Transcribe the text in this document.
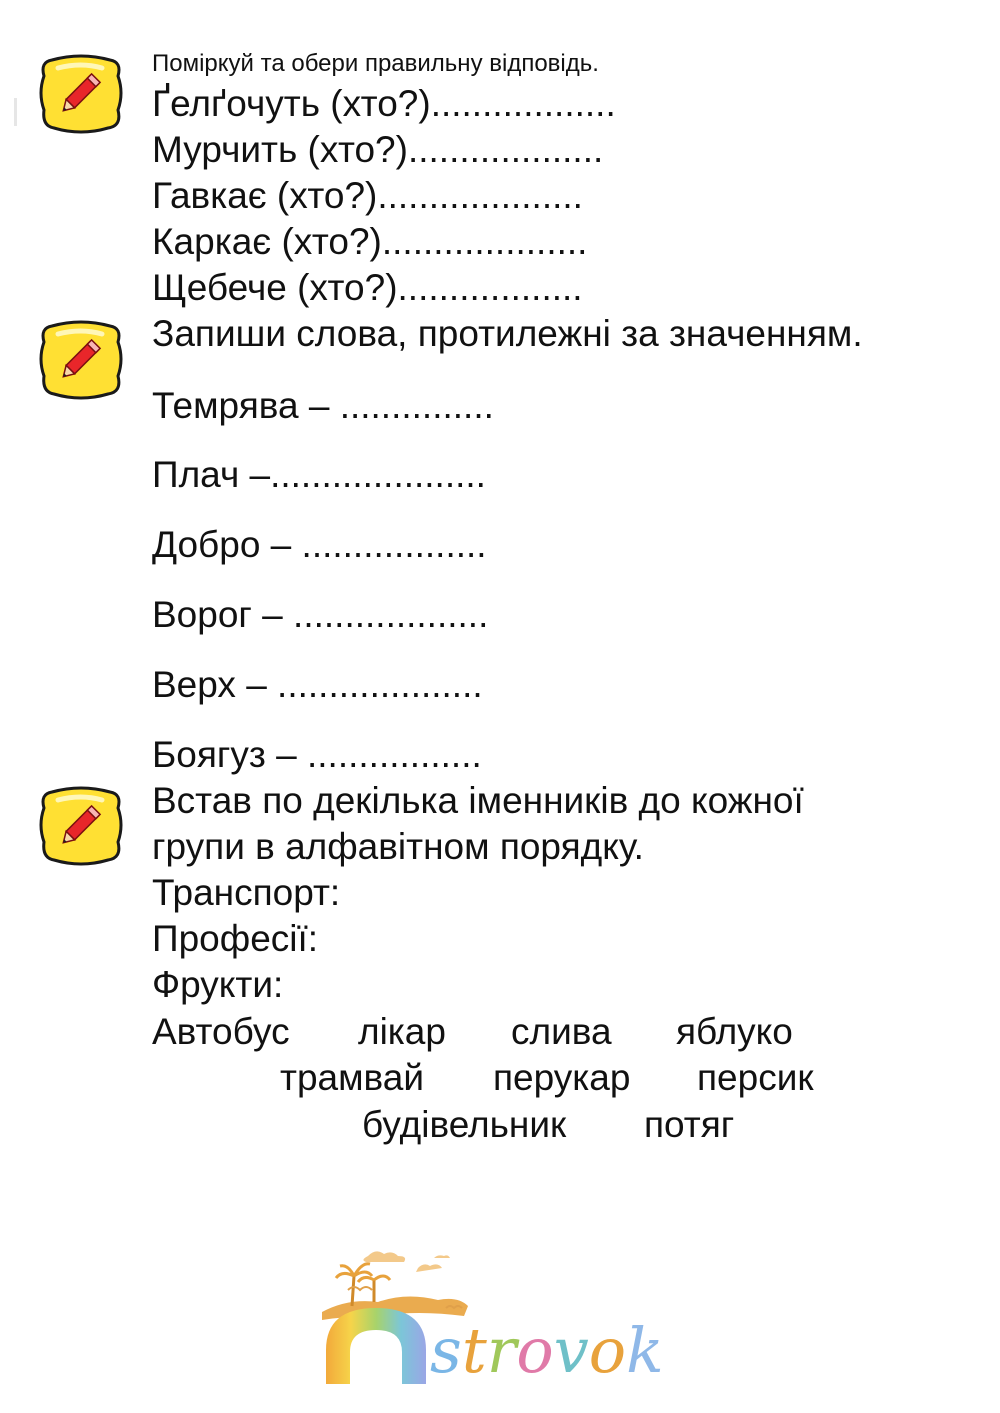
Поміркуй та обери правильну відповідь.
Ґелґочуть (хто?)..................
Мурчить (хто?)...................
Гавкає (хто?)....................
Каркає (хто?)....................
Щебече (хто?)..................
Запиши слова, протилежні за значенням.
Темрява – ...............
Плач –.....................
Добро – ..................
Ворог – ...................
Верх – ....................
Боягуз – .................
Встав по декілька іменників до кожної
групи в алфавітном порядку.
Транспорт:
Професії:
Фрукти:
Автобус лікар слива яблуко
трамвай перукар персик
будівельник потяг
strovok
